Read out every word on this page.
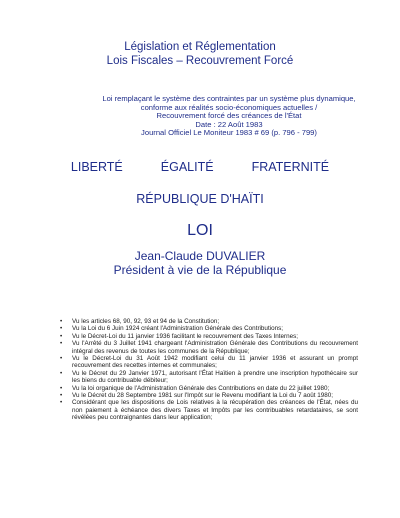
Législation et Réglementation
Lois Fiscales – Recouvrement Forcé
Loi remplaçant le système des contraintes par un système plus dynamique,
conforme aux réalités socio-économiques actuelles /
Recouvrement forcé des créances de l'État
Date : 22 Août 1983
Journal Officiel Le Moniteur 1983 # 69 (p. 796 - 799)
LIBERTÉ	ÉGALITÉ	FRATERNITÉ
RÉPUBLIQUE D'HAÏTI
LOI
Jean-Claude DUVALIER
Président à vie de la République
• Vu les articles 68, 90, 92, 93 et 94 de la Constitution;
• Vu la Loi du 6 Juin 1924 créant l'Administration Générale des Contributions;
• Vu le Décret-Loi du 11 janvier 1936 facilitant le recouvrement des Taxes Internes;
• Vu l'Arrêté du 3 Juillet 1941 chargeant l'Administration Générale des Contributions du recouvrement intégral des revenus de toutes les communes de la République;
• Vu le Décret-Loi du 31 Août 1942 modifiant celui du 11 janvier 1936 et assurant un prompt recouvrement des recettes internes et communales;
• Vu le Décret du 29 Janvier 1971, autorisant l'État Haïtien à prendre une inscription hypothécaire sur les biens du contribuable débiteur;
• Vu la loi organique de l'Administration Générale des Contributions en date du 22 juillet 1980;
• Vu le Décret du 28 Septembre 1981 sur l'Impôt sur le Revenu modifiant la Loi du 7 août 1980;
• Considérant que les dispositions de Lois relatives à la récupération des créances de l'État, nées du non paiement à échéance des divers Taxes et Impôts par les contribuables retardataires, se sont révélées peu contraignantes dans leur application;
